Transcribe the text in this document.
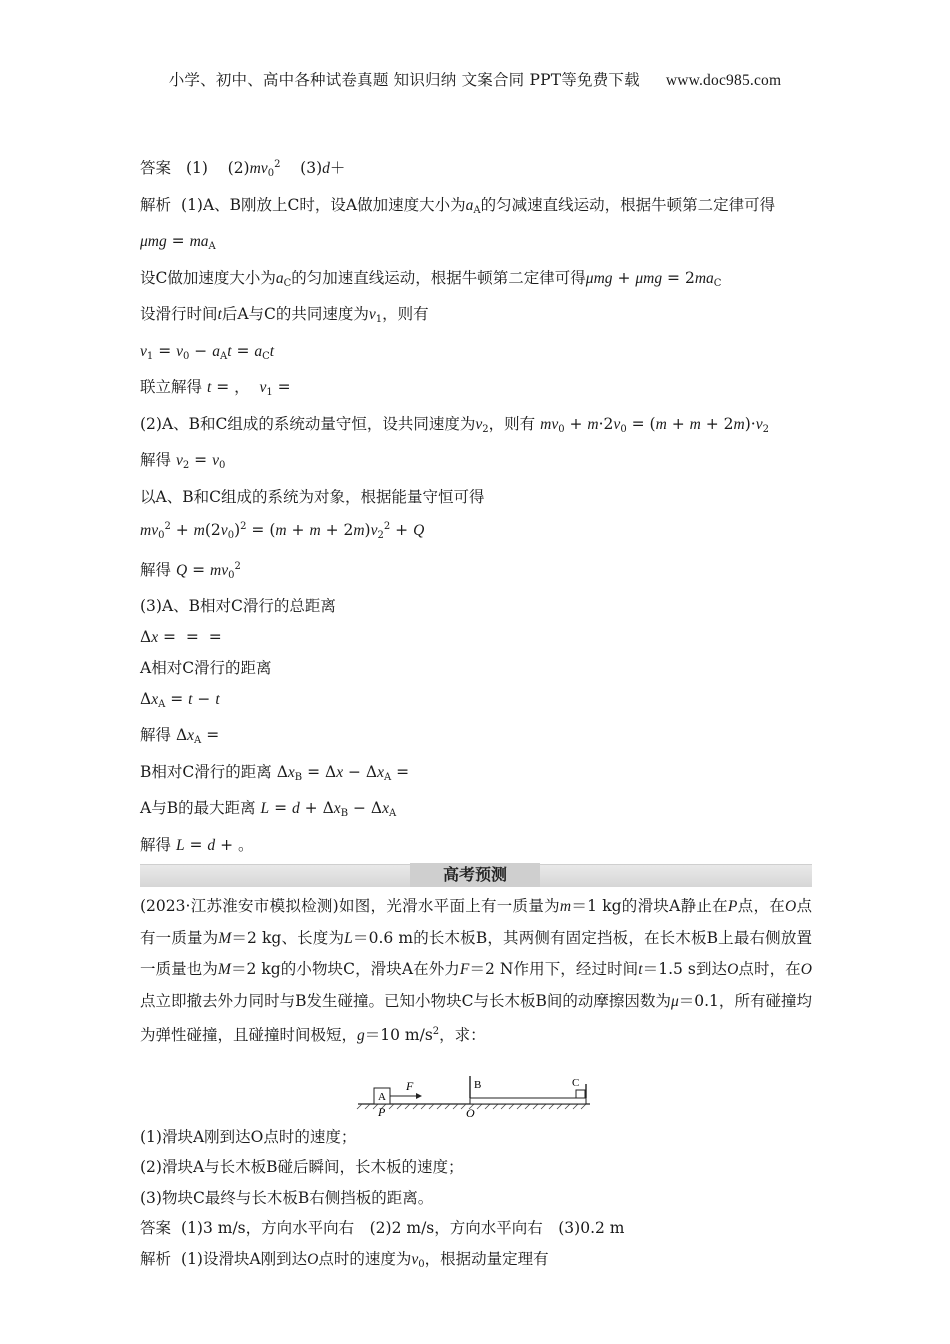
小学、初中、高中各种试卷真题 知识归纳 文案合同 PPT等免费下载 www.doc985.com
答案 (1) $(2)mv_0^2$ (3)d＋
解析 (1)A、B刚放上C时，设A做加速度大小为$a_A$的匀减速直线运动，根据牛顿第二定律可得
$\mu mg = ma_A$
设C做加速度大小为$a_C$的匀加速直线运动，根据牛顿第二定律可得$\mu mg + \mu mg = 2ma_C$
设滑行时间t后A与C的共同速度为$v_1$，则有
$v_1 = v_0 - a_At = a_Ct$
联立解得 t = ，  $v_1$ =
(2)A、B和C组成的系统动量守恒，设共同速度为$v_2$，则有 $mv_0 + m\cdot 2v_0 = (m + m + 2m)\cdot v_2$
解得 $v_2 = v_0$
以A、B和C组成的系统为对象，根据能量守恒可得
$mv_0^2 + m(2v_0)^2 = (m + m + 2m)v_2^2 + Q$
解得 $Q = mv_0^2$
(3)A、B相对C滑行的总距离
Δx =  =  =
A相对C滑行的距离
$\Delta x_A = t - t$
解得 $\Delta x_A$ =
B相对C滑行的距离 $\Delta x_B = \Delta x - \Delta x_A$ =
A与B的最大距离 $L = d + \Delta x_B - \Delta x_A$
解得 L = d + 。
高考预测
(2023·江苏淮安市模拟检测)如图，光滑水平面上有一质量为m＝1 kg的滑块A静止在P点，在O点有一质量为M＝2 kg、长度为L＝0.6 m的长木板B，其两侧有固定挡板，在长木板B上最右侧放置一质量也为M＝2 kg的小物块C，滑块A在外力F＝2 N作用下，经过时间t＝1.5 s到达O点时，在O点立即撤去外力同时与B发生碰撞。已知小物块C与长木板B间的动摩擦因数为μ＝0.1，所有碰撞均为弹性碰撞，且碰撞时间极短，g＝10 $m/s^2$，求：
A
F
P
B	C
O
(1)滑块A刚到达O点时的速度；
(2)滑块A与长木板B碰后瞬间，长木板的速度；
(3)物块C最终与长木板B右侧挡板的距离。
答案 (1)3 m/s，方向水平向右　(2)2 m/s，方向水平向右　(3)0.2 m
解析 (1)设滑块A刚到达O点时的速度为$v_0$，根据动量定理有
